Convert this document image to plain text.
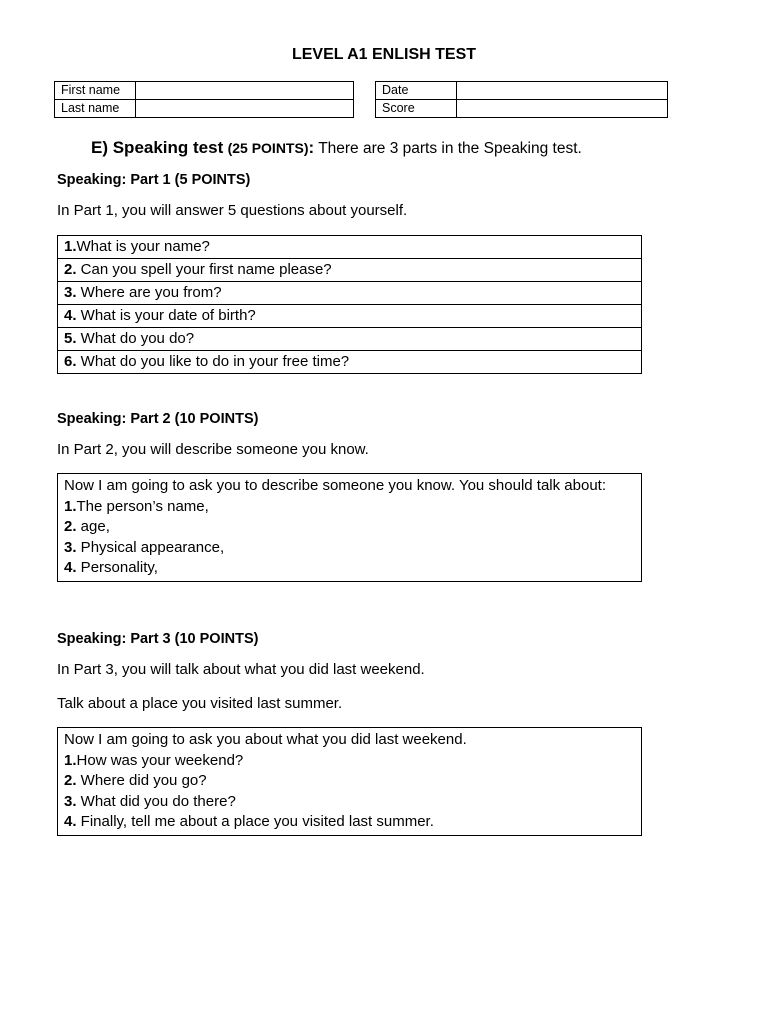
LEVEL A1 ENLISH TEST
First name	
Last name	
Date	
Score	
E) Speaking test (25 POINTS): There are 3 parts in the Speaking test.
Speaking: Part 1 (5 POINTS)
In Part 1, you will answer 5 questions about yourself.
1.What is your name?
2. Can you spell your first name please?
3. Where are you from?
4. What is your date of birth?
5. What do you do?
6. What do you like to do in your free time?
Speaking: Part 2 (10 POINTS)
In Part 2, you will describe someone you know.
Now I am going to ask you to describe someone you know. You should talk about:
1.The person’s name,
2. age,
3. Physical appearance,
4. Personality,
Speaking: Part 3 (10 POINTS)
In Part 3, you will talk about what you did last weekend.
Talk about a place you visited last summer.
Now I am going to ask you about what you did last weekend.
1.How was your weekend?
2. Where did you go?
3. What did you do there?
4. Finally, tell me about a place you visited last summer.
